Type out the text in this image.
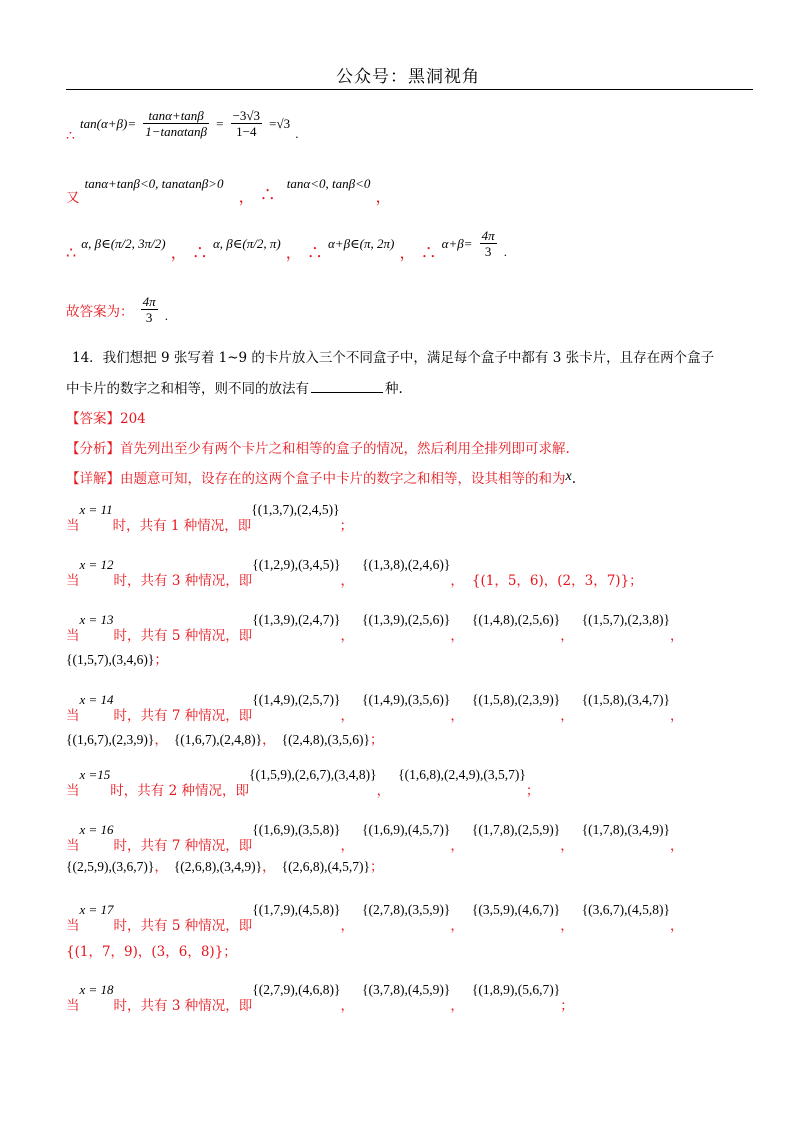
公众号：黑洞视角
∴ $\tan(\alpha+\beta)= \frac{\tan\alpha+\tan\beta}{1-\tan\alpha\tan\beta} = \frac{-3√3}{1-4} =√3$ $_.$
$_又$ tanα+tanβ<0, tanαtanβ>0 ， ∴ tanα<0, tanβ<0 ，
∴ α, β∈(π/2, 3π/2) ， ∴ α, β∈(π/2, π) ， ∴ α+β∈(π, 2π) ， ∴ $\alpha+\beta= \frac{4\pi}{3} _.$
故答案为： $\frac{4\pi}{3} _.$
14．我们想把 9 张写着 1~9 的卡片放入三个不同盒子中，满足每个盒子中都有 3 张卡片，且存在两个盒子
中卡片的数字之和相等，则不同的放法有	种.
【答案】204
【分析】首先列出至少有两个卡片之和相等的盒子的情况，然后利用全排列即可求解.
【详解】由题意可知，设存在的这两个盒子中卡片的数字之和相等，设其相等的和为x.
$_当x = 11_{时,共有 1 种情况,即}\{(1,3,7),(2,4,5)\}_;$
$_当x = 12_{时,共有 3 种情况,即}\{(1,2,9),(3,4,5)\}_,\{(1,3,8),(2,4,6)\}_,$ $_{\{(1,5,6),(2,3,7)\};}$
$_当x = 13_{时,共有 5 种情况,即}\{(1,3,9),(2,4,7)\}_,\{(1,3,9),(2,5,6)\}_,\{(1,4,8),(2,5,6)\}_,\{(1,5,7),(2,3,8)\}_,$
{(1,5,7),(3,4,6)}；
$_当x = 14_{时,共有 7 种情况,即}\{(1,4,9),(2,5,7)\}_,\{(1,4,9),(3,5,6)\}_,\{(1,5,8),(2,3,9)\}_,\{(1,5,8),(3,4,7)\}_,$
{(1,6,7),(2,3,9)}， {(1,6,7),(2,4,8)}， {(2,4,8),(3,5,6)}；
$_当x =15_{时,共有 2 种情况,即}\{(1,5,9),(2,6,7),(3,4,8)\}_,\{(1,6,8),(2,4,9),(3,5,7)\}_;$
$_当x = 16_{时,共有 7 种情况,即}\{(1,6,9),(3,5,8)\}_,\{(1,6,9),(4,5,7)\}_,\{(1,7,8),(2,5,9)\}_,\{(1,7,8),(3,4,9)\}_,$
{(2,5,9),(3,6,7)}， {(2,6,8),(3,4,9)}， {(2,6,8),(4,5,7)}；
$_当x = 17_{时,共有 5 种情况,即}\{(1,7,9),(4,5,8)\}_,\{(2,7,8),(3,5,9)\}_,\{(3,5,9),(4,6,7)\}_,\{(3,6,7),(4,5,8)\}_,$
{(1，7，9)，(3，6，8)}；
$_当x = 18_{时,共有 3 种情况,即}\{(2,7,9),(4,6,8)\}_,\{(3,7,8),(4,5,9)\}_,\{(1,8,9),(5,6,7)\}_;$
